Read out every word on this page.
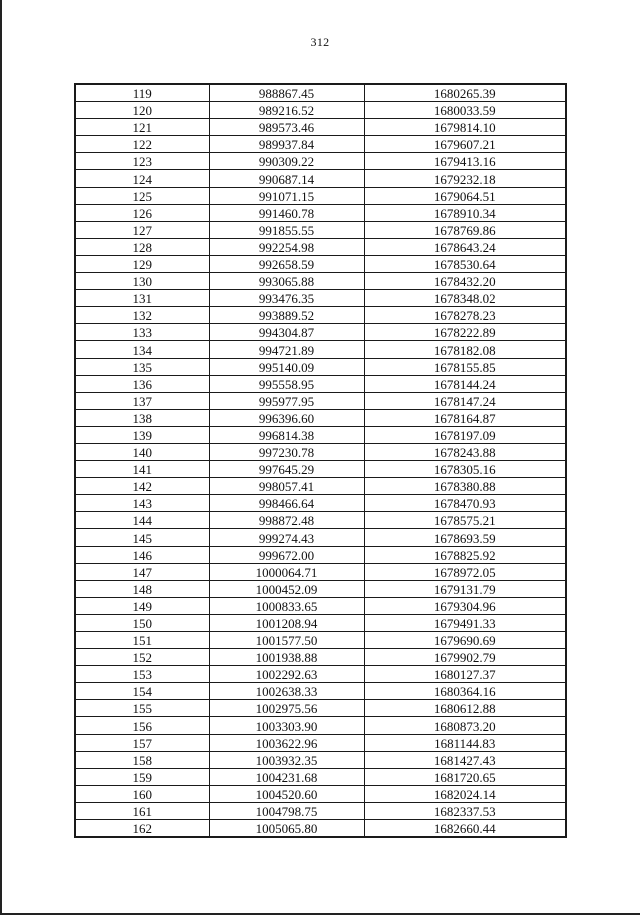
312
119	988867.45	1680265.39
120	989216.52	1680033.59
121	989573.46	1679814.10
122	989937.84	1679607.21
123	990309.22	1679413.16
124	990687.14	1679232.18
125	991071.15	1679064.51
126	991460.78	1678910.34
127	991855.55	1678769.86
128	992254.98	1678643.24
129	992658.59	1678530.64
130	993065.88	1678432.20
131	993476.35	1678348.02
132	993889.52	1678278.23
133	994304.87	1678222.89
134	994721.89	1678182.08
135	995140.09	1678155.85
136	995558.95	1678144.24
137	995977.95	1678147.24
138	996396.60	1678164.87
139	996814.38	1678197.09
140	997230.78	1678243.88
141	997645.29	1678305.16
142	998057.41	1678380.88
143	998466.64	1678470.93
144	998872.48	1678575.21
145	999274.43	1678693.59
146	999672.00	1678825.92
147	1000064.71	1678972.05
148	1000452.09	1679131.79
149	1000833.65	1679304.96
150	1001208.94	1679491.33
151	1001577.50	1679690.69
152	1001938.88	1679902.79
153	1002292.63	1680127.37
154	1002638.33	1680364.16
155	1002975.56	1680612.88
156	1003303.90	1680873.20
157	1003622.96	1681144.83
158	1003932.35	1681427.43
159	1004231.68	1681720.65
160	1004520.60	1682024.14
161	1004798.75	1682337.53
162	1005065.80	1682660.44
